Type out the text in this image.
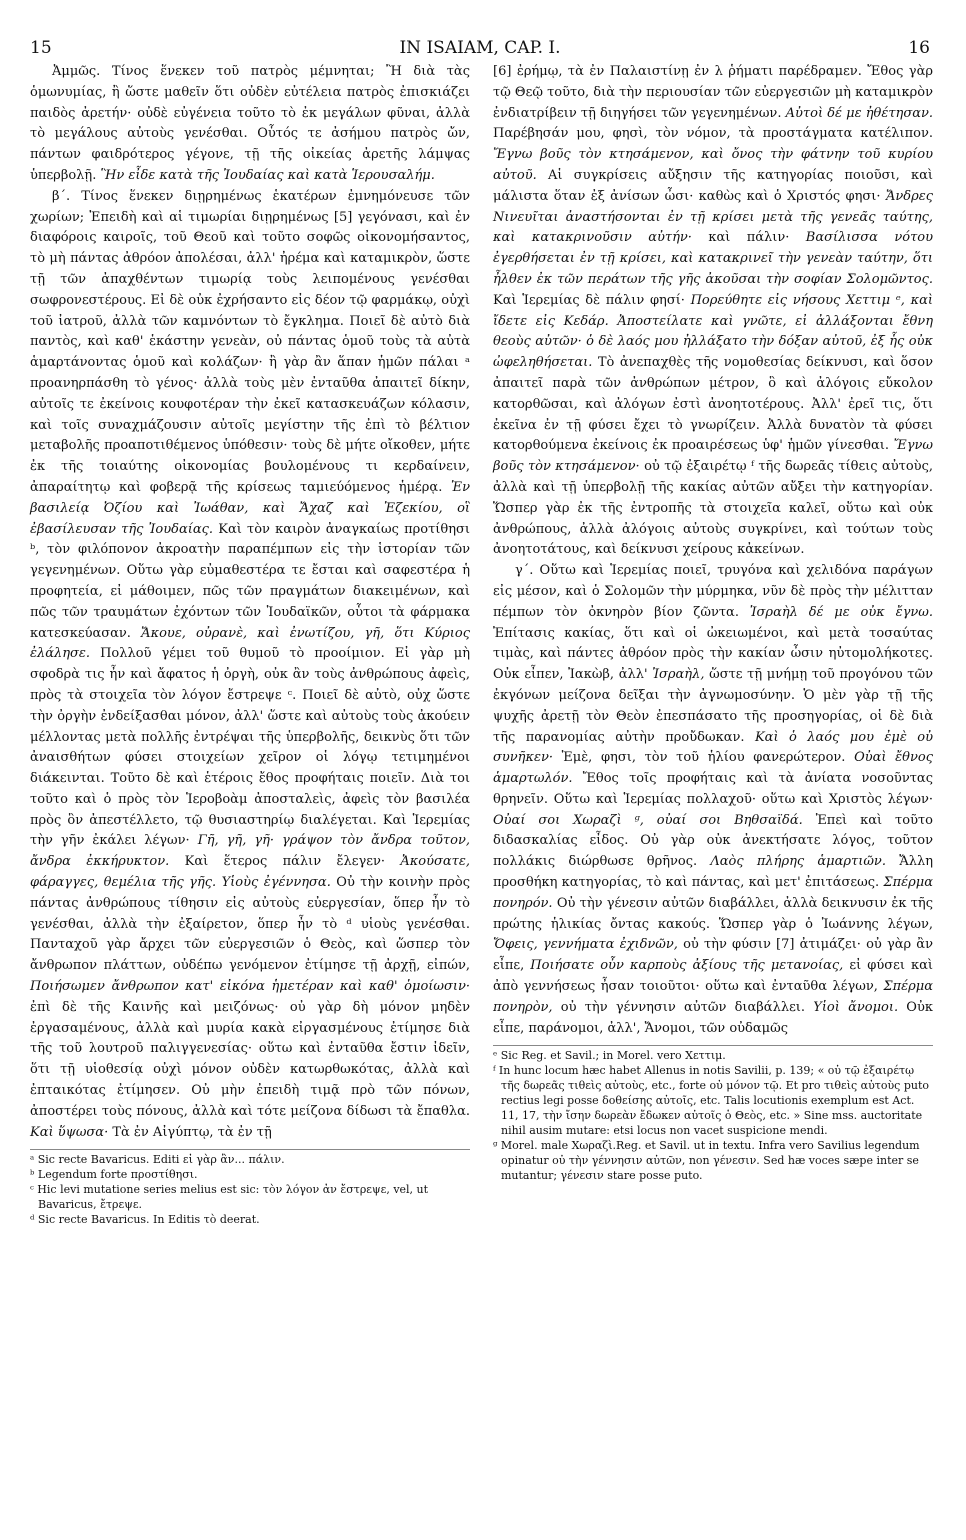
15	IN ISAIAM, CAP. I.	16

Ἀμμῶς. Τίνος ἕνεκεν τοῦ πατρὸς μέμνηται; Ἢ διὰ τὰς ὁμωνυμίας, ἢ ὥστε μαθεῖν ὅτι οὐδὲν εὐτέλεια πατρὸς ἐπισκιάζει παιδὸς ἀρετήν· οὐδὲ εὐγένεια τοῦτο τὸ ἐκ μεγάλων φῦναι, ἀλλὰ τὸ μεγάλους αὐτοὺς γενέσθαι. Οὗτός τε ἀσήμου πατρὸς ὤν, πάντων φαιδρότερος γέγονε, τῇ τῆς οἰκείας ἀρετῆς λάμψας ὑπερβολῇ. Ἣν εἶδε κατὰ τῆς Ἰουδαίας καὶ κατὰ Ἱερουσαλήμ.

β΄. Τίνος ἕνεκεν διῃρημένως ἑκατέρων ἐμνημόνευσε τῶν χωρίων; Ἐπειδὴ καὶ αἱ τιμωρίαι διῃρημένως [5] γεγόνασι, καὶ ἐν διαφόροις καιροῖς, τοῦ Θεοῦ καὶ τοῦτο σοφῶς οἰκονομήσαντος, τὸ μὴ πάντας ἀθρόον ἀπολέσαι, ἀλλ' ἠρέμα καὶ καταμικρὸν, ὥστε τῇ τῶν ἀπαχθέντων τιμωρίᾳ τοὺς λειπομένους γενέσθαι σωφρονεστέρους. Εἰ δὲ οὐκ ἐχρήσαντο εἰς δέον τῷ φαρμάκῳ, οὐχὶ τοῦ ἰατροῦ, ἀλλὰ τῶν καμνόντων τὸ ἔγκλημα. Ποιεῖ δὲ αὐτὸ διὰ παντὸς, καὶ καθ' ἑκάστην γενεὰν, οὐ πάντας ὁμοῦ τοὺς τὰ αὐτὰ ἁμαρτάνοντας ὁμοῦ καὶ κολάζων· ἢ γὰρ ἂν ἅπαν ἡμῶν πάλαι ᵃ προανηρπάσθη τὸ γένος· ἀλλὰ τοὺς μὲν ἐνταῦθα ἀπαιτεῖ δίκην, αὐτοῖς τε ἐκείνοις κουφοτέραν τὴν ἐκεῖ κατασκευάζων κόλασιν, καὶ τοῖς συναχμάζουσιν αὐτοῖς μεγίστην τῆς ἐπὶ τὸ βέλτιον μεταβολῆς προαποτιθέμενος ὑπόθεσιν· τοὺς δὲ μήτε οἴκοθεν, μήτε ἐκ τῆς τοιαύτης οἰκονομίας βουλομένους τι κερδαίνειν, ἀπαραίτητῳ καὶ φοβερᾷ τῆς κρίσεως ταμιεύόμενος ἡμέρᾳ. Ἐν βασιλείᾳ Ὀζίου καὶ Ἰωάθαν, καὶ Ἄχαζ καὶ Ἐζεκίου, οἳ ἐβασίλευσαν τῆς Ἰουδαίας. Καὶ τὸν καιρὸν ἀναγκαίως προτίθησι ᵇ, τὸν φιλόπονον ἀκροατὴν παραπέμπων εἰς τὴν ἱστορίαν τῶν γεγενημένων. Οὕτω γὰρ εὐμαθεστέρα τε ἔσται καὶ σαφεστέρα ἡ προφητεία, εἰ μάθοιμεν, πῶς τῶν πραγμάτων διακειμένων, καὶ πῶς τῶν τραυμάτων ἐχόντων τῶν Ἰουδαϊκῶν, οὗτοι τὰ φάρμακα κατεσκεύασαν. Ἄκουε, οὐρανὲ, καὶ ἐνωτίζου, γῆ, ὅτι Κύριος ἐλάλησε. Πολλοῦ γέμει τοῦ θυμοῦ τὸ προοίμιον. Εἰ γὰρ μὴ σφοδρὰ τις ἦν καὶ ἄφατος ἡ ὀργὴ, οὐκ ἂν τοὺς ἀνθρώπους ἀφεὶς, πρὸς τὰ στοιχεῖα τὸν λόγον ἔστρεψε ᶜ. Ποιεῖ δὲ αὐτὸ, οὐχ ὥστε τὴν ὀργὴν ἐνδείξασθαι μόνον, ἀλλ' ὥστε καὶ αὐτοὺς τοὺς ἀκούειν μέλλοντας μετὰ πολλῆς ἐντρέψαι τῆς ὑπερβολῆς, δεικνὺς ὅτι τῶν ἀναισθήτων φύσει στοιχείων χεῖρον οἱ λόγῳ τετιμημένοι διάκεινται. Τοῦτο δὲ καὶ ἑτέροις ἔθος προφήταις ποιεῖν. Διὰ τοι τοῦτο καὶ ὁ πρὸς τὸν Ἱεροβοὰμ ἀποσταλεὶς, ἀφεὶς τὸν βασιλέα πρὸς ὃν ἀπεστέλλετο, τῷ θυσιαστηρίῳ διαλέγεται. Καὶ Ἱερεμίας τὴν γῆν ἐκάλει λέγων· Γῆ, γῆ, γῆ· γράψον τὸν ἄνδρα τοῦτον, ἄνδρα ἐκκήρυκτον. Καὶ ἕτερος πάλιν ἔλεγεν· Ἀκούσατε, φάραγγες, θεμέλια τῆς γῆς. Υἱοὺς ἐγέννησα. Οὐ τὴν κοινὴν πρὸς πάντας ἀνθρώπους τίθησιν εἰς αὐτοὺς εὐεργεσίαν, ὅπερ ἦν τὸ γενέσθαι, ἀλλὰ τὴν ἐξαίρετον, ὅπερ ἦν τὸ ᵈ υἱοὺς γενέσθαι. Πανταχοῦ γὰρ ἄρχει τῶν εὐεργεσιῶν ὁ Θεὸς, καὶ ὥσπερ τὸν ἄνθρωπον πλάττων, οὐδέπω γενόμενον ἐτίμησε τῇ ἀρχῇ, εἰπών, Ποιήσωμεν ἄνθρωπον κατ' εἰκόνα ἡμετέραν καὶ καθ' ὁμοίωσιν· ἐπὶ δὲ τῆς Καινῆς καὶ μειζόνως· οὐ γὰρ δὴ μόνον μηδὲν ἐργασαμένους, ἀλλὰ καὶ μυρία κακὰ εἰργασμένους ἐτίμησε διὰ τῆς τοῦ λουτροῦ παλιγγενεσίας· οὕτω καὶ ἐνταῦθα ἔστιν ἰδεῖν, ὅτι τῇ υἱοθεσίᾳ οὐχὶ μόνον οὐδὲν κατωρθωκότας, ἀλλὰ καὶ ἐπταικότας ἐτίμησεν. Οὐ μὴν ἐπειδὴ τιμᾷ πρὸ τῶν πόνων, ἀποστέρει τοὺς πόνους, ἀλλὰ καὶ τότε μείζονα δίδωσι τὰ ἔπαθλα. Καὶ ὕψωσα· Τὰ ἐν Αἰγύπτῳ, τὰ ἐν τῇ

ᵃ Sic recte Bavaricus. Editi εἰ γὰρ ἂν... πάλιν.

ᵇ Legendum forte προστίθησι.

ᶜ Hic levi mutatione series melius est sic: τὸν λόγον ἀν ἔστρεψε, vel, ut Bavaricus, ἔτρεψε.

ᵈ Sic recte Bavaricus. In Editis τὸ deerat.

[6] ἐρήμῳ, τὰ ἐν Παλαιστίνῃ ἐν λ ῥήματι παρέδραμεν. Ἔθος γὰρ τῷ Θεῷ τοῦτο, διὰ τὴν περιουσίαν τῶν εὐεργεσιῶν μὴ καταμικρὸν ἐνδιατρίβειν τῇ διηγήσει τῶν γεγενημένων. Αὐτοὶ δέ με ἠθέτησαν. Παρέβησάν μου, φησὶ, τὸν νόμον, τὰ προστάγματα κατέλιπον. Ἔγνω βοῦς τὸν κτησάμενον, καὶ ὄνος τὴν φάτνην τοῦ κυρίου αὐτοῦ. Αἱ συγκρίσεις αὔξησιν τῆς κατηγορίας ποιοῦσι, καὶ μάλιστα ὅταν ἐξ ἀνίσων ὦσι· καθὼς καὶ ὁ Χριστός φησι· Ἄνδρες Νινευῖται ἀναστήσονται ἐν τῇ κρίσει μετὰ τῆς γενεᾶς ταύτης, καὶ κατακρινοῦσιν αὐτήν· καὶ πάλιν· Βασίλισσα νότου ἐγερθήσεται ἐν τῇ κρίσει, καὶ κατακρινεῖ τὴν γενεὰν ταύτην, ὅτι ἦλθεν ἐκ τῶν περάτων τῆς γῆς ἀκοῦσαι τὴν σοφίαν Σολομῶντος. Καὶ Ἱερεμίας δὲ πάλιν φησί· Πορεύθητε εἰς νήσους Χεττιμ ᵉ, καὶ ἴδετε εἰς Κεδάρ. Ἀποστείλατε καὶ γνῶτε, εἰ ἀλλάξονται ἔθνη θεοὺς αὐτῶν· ὁ δὲ λαός μου ἠλλάξατο τὴν δόξαν αὐτοῦ, ἐξ ἧς οὐκ ὠφεληθήσεται. Τὸ ἀνεπαχθὲς τῆς νομοθεσίας δείκνυσι, καὶ ὅσον ἀπαιτεῖ παρὰ τῶν ἀνθρώπων μέτρον, ὃ καὶ ἀλόγοις εὔκολον κατορθῶσαι, καὶ ἀλόγων ἐστὶ ἀνοητοτέρους. Ἀλλ' ἐρεῖ τις, ὅτι ἐκεῖνα ἐν τῇ φύσει ἔχει τὸ γνωρίζειν. Ἀλλὰ δυνατὸν τὰ φύσει κατορθούμενα ἐκείνοις ἐκ προαιρέσεως ὑφ' ἡμῶν γίνεσθαι. Ἔγνω βοῦς τὸν κτησάμενον· οὐ τῷ ἐξαιρέτῳ ᶠ τῆς δωρεᾶς τίθεις αὐτοὺς, ἀλλὰ καὶ τῇ ὑπερβολῇ τῆς κακίας αὐτῶν αὔξει τὴν κατηγορίαν. Ὥσπερ γὰρ ἐκ τῆς ἐντροπῆς τὰ στοιχεῖα καλεῖ, οὕτω καὶ οὐκ ἀνθρώπους, ἀλλὰ ἀλόγοις αὐτοὺς συγκρίνει, καὶ τούτων τοὺς ἀνοητοτάτους, καὶ δείκνυσι χείρους κἀκείνων.

γ΄. Οὕτω καὶ Ἱερεμίας ποιεῖ, τρυγόνα καὶ χελιδόνα παράγων εἰς μέσον, καὶ ὁ Σολομῶν τὴν μύρμηκα, νῦν δὲ πρὸς τὴν μέλιτταν πέμπων τὸν ὀκνηρὸν βίον ζῶντα. Ἰσραὴλ δέ με οὐκ ἔγνω. Ἐπίτασις κακίας, ὅτι καὶ οἱ ὠκειωμένοι, καὶ μετὰ τοσαύτας τιμὰς, καὶ πάντες ἀθρόον πρὸς τὴν κακίαν ὦσιν ηὐτομολήκοτες. Οὐκ εἶπεν, Ἰακὼβ, ἀλλ' Ἰσραὴλ, ὥστε τῇ μνήμῃ τοῦ προγόνου τῶν ἐκγόνων μείζονα δεῖξαι τὴν ἀγνωμοσύνην. Ὁ μὲν γὰρ τῇ τῆς ψυχῆς ἀρετῇ τὸν Θεὸν ἐπεσπάσατο τῆς προσηγορίας, οἱ δὲ διὰ τῆς παρανομίας αὐτὴν προὔδωκαν. Καὶ ὁ λαός μου ἐμὲ οὐ συνῆκεν· Ἐμὲ, φησι, τὸν τοῦ ἡλίου φανερώτερον. Οὐαὶ ἔθνος ἁμαρτωλόν. Ἔθος τοῖς προφήταις καὶ τὰ ἀνίατα νοσοῦντας θρηνεῖν. Οὕτω καὶ Ἱερεμίας πολλαχοῦ· οὕτω καὶ Χριστὸς λέγων· Οὐαί σοι Χωραζὶ ᵍ, οὐαί σοι Βηθσαϊδά. Ἐπεὶ καὶ τοῦτο διδασκαλίας εἶδος. Οὐ γὰρ οὐκ ἀνεκτήσατε λόγος, τοῦτον πολλάκις διώρθωσε θρῆνος. Λαὸς πλήρης ἁμαρτιῶν. Ἄλλη προσθήκη κατηγορίας, τὸ καὶ πάντας, καὶ μετ' ἐπιτάσεως. Σπέρμα πονηρόν. Οὐ τὴν γένεσιν αὐτῶν διαβάλλει, ἀλλὰ δεικνυσιν ἐκ τῆς πρώτης ἡλικίας ὄντας κακούς. Ὥσπερ γὰρ ὁ Ἰωάννης λέγων, Ὄφεις, γεννήματα ἐχιδνῶν, οὐ τὴν φύσιν [7] ἀτιμάζει· οὐ γὰρ ἂν εἶπε, Ποιήσατε οὖν καρποὺς ἀξίους τῆς μετανοίας, εἰ φύσει καὶ ἀπὸ γεννήσεως ἦσαν τοιοῦτοι· οὕτω καὶ ἐνταῦθα λέγων, Σπέρμα πονηρὸν, οὐ τὴν γέννησιν αὐτῶν διαβάλλει. Υἱοὶ ἄνομοι. Οὐκ εἶπε, παράνομοι, ἀλλ', Ἄνομοι, τῶν οὐδαμῶς

ᵉ Sic Reg. et Savil.; in Morel. vero Χεττιμ.

ᶠ In hunc locum hæc habet Allenus in notis Savilii, p. 139; « οὐ τῷ ἐξαιρέτῳ τῆς δωρεᾶς τιθεὶς αὐτοὺς, etc., forte οὐ μόνον τῷ. Et pro τιθεὶς αὐτοὺς puto rectius legi posse δοθείσης αὐτοῖς, etc. Talis locutionis exemplum est Act. 11, 17, τὴν ἴσην δωρεὰν ἔδωκεν αὐτοῖς ὁ Θεὸς, etc. » Sine mss. auctoritate nihil ausim mutare: etsi locus non vacet suspicione mendi.

ᵍ Morel. male Χωραζὶ.Reg. et Savil. ut in textu. Infra vero Savilius legendum opinatur οὐ τὴν γέννησιν αὐτῶν, non γένεσιν. Sed hæ voces sæpe inter se mutantur; γένεσιν stare posse puto.
